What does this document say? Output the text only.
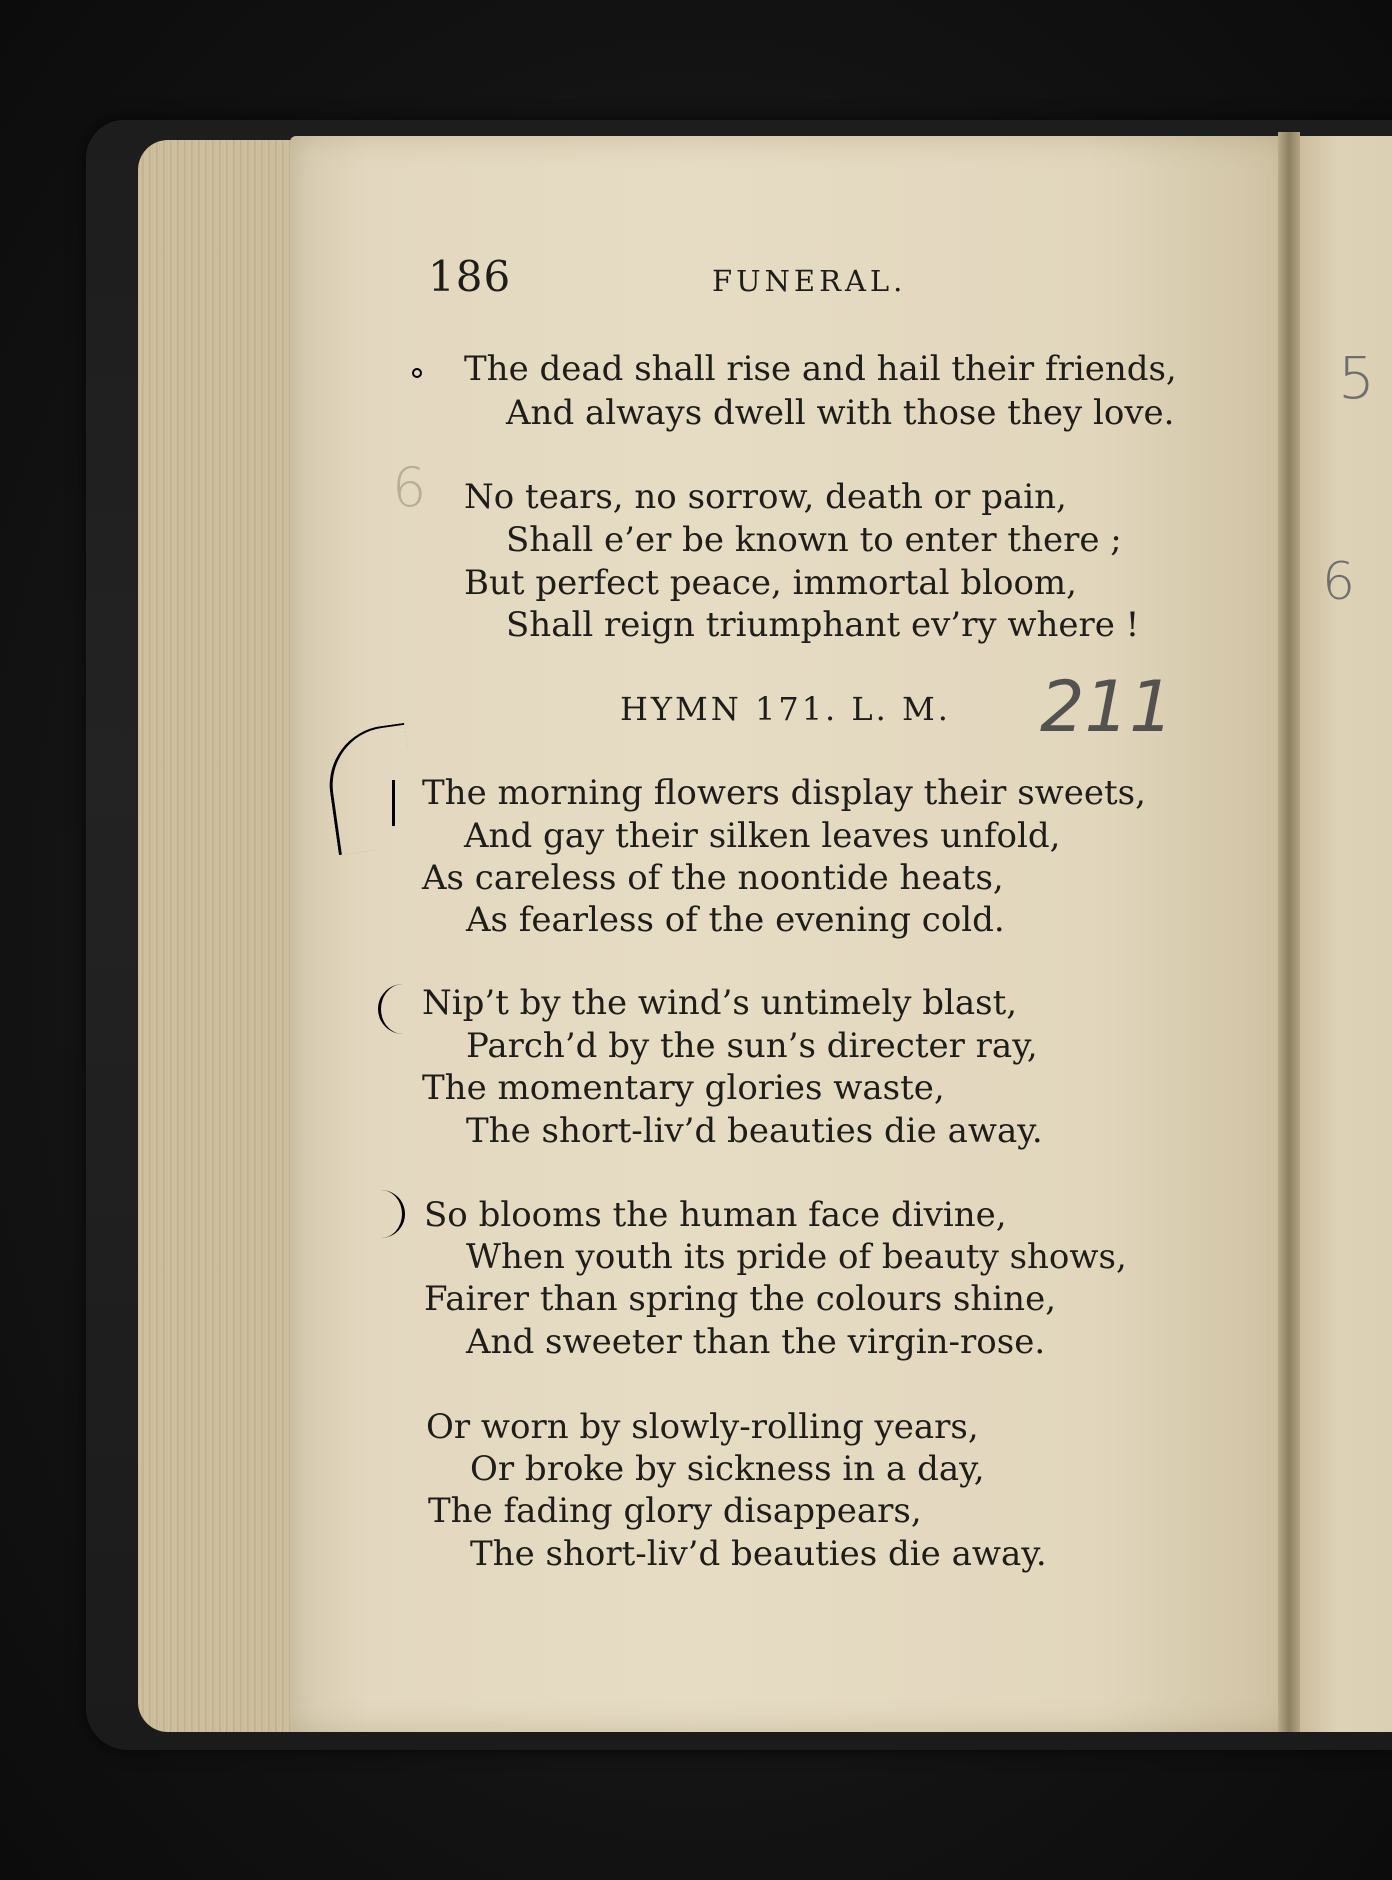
5
6
186	FUNERAL.
The dead shall rise and hail their friends,
And always dwell with those they love.
No tears, no sorrow, death or pain,
Shall e’er be known to enter there ;
But perfect peace, immortal bloom,
Shall reign triumphant ev’ry where !
HYMN 171. L. M.
The morning flowers display their sweets,
And gay their silken leaves unfold,
As careless of the noontide heats,
As fearless of the evening cold.
Nip’t by the wind’s untimely blast,
Parch’d by the sun’s directer ray,
The momentary glories waste,
The short-liv’d beauties die away.
So blooms the human face divine,
When youth its pride of beauty shows,
Fairer than spring the colours shine,
And sweeter than the virgin-rose.
Or worn by slowly-rolling years,
Or broke by sickness in a day,
The fading glory disappears,
The short-liv’d beauties die away.
211
6
